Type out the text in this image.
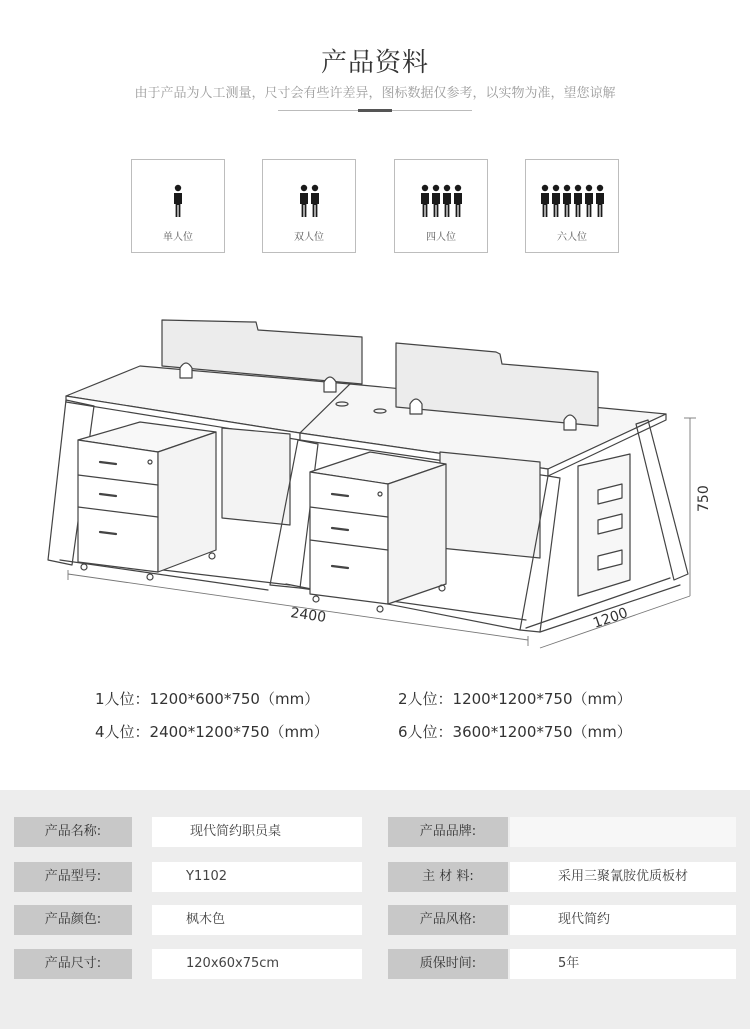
产品资料
由于产品为人工测量，尺寸会有些许差异，图标数据仅参考，以实物为准，望您谅解
单人位	双人位	四人位	六人位
2400	1200
750
1人位：1200*600*750（mm）	2人位：1200*1200*750（mm）
4人位：2400*1200*750（mm）	6人位：3600*1200*750（mm）
产品名称:	现代简约职员桌	产品品牌:
产品型号:	Y1102	主 材 料:	采用三聚氰胺优质板材
产品颜色:	枫木色	产品风格:	现代简约
产品尺寸:	120x60x75cm	质保时间:	5年
